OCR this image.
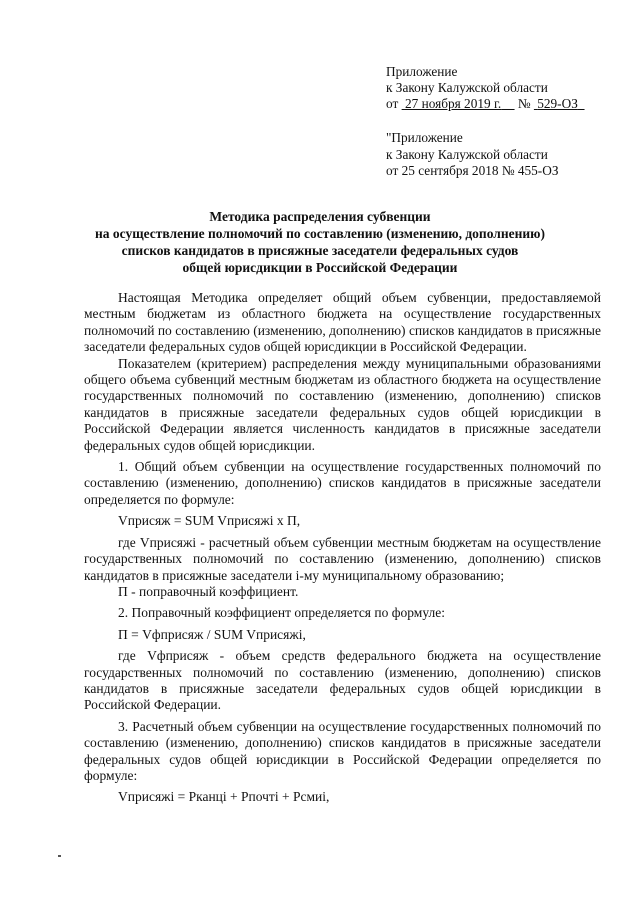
Приложение
к Закону Калужской области
от 27 ноября 2019 г. № 529-ОЗ
"Приложение
к Закону Калужской области
от 25 сентября 2018 № 455-ОЗ
Методика распределения субвенции
на осуществление полномочий по составлению (изменению, дополнению)
списков кандидатов в присяжные заседатели федеральных судов
общей юрисдикции в Российской Федерации

Настоящая Методика определяет общий объем субвенции, предоставляемой местным бюджетам из областного бюджета на осуществление государственных полномочий по составлению (изменению, дополнению) списков кандидатов в присяжные заседатели федеральных судов общей юрисдикции в Российской Федерации.

Показателем (критерием) распределения между муниципальными образованиями общего объема субвенций местным бюджетам из областного бюджета на осуществление государственных полномочий по составлению (изменению, дополнению) списков кандидатов в присяжные заседатели федеральных судов общей юрисдикции в Российской Федерации является численность кандидатов в присяжные заседатели федеральных судов общей юрисдикции.

1. Общий объем субвенции на осуществление государственных полномочий по составлению (изменению, дополнению) списков кандидатов в присяжные заседатели определяется по формуле:

Vприсяж = SUM Vприсяжi x П,

где Vприсяжi - расчетный объем субвенции местным бюджетам на осуществление государственных полномочий по составлению (изменению, дополнению) списков кандидатов в присяжные заседатели i-му муниципальному образованию;

П - поправочный коэффициент.

2. Поправочный коэффициент определяется по формуле:

П = Vфприсяж / SUM Vприсяжi,

где Vфприсяж - объем средств федерального бюджета на осуществление государственных полномочий по составлению (изменению, дополнению) списков кандидатов в присяжные заседатели федеральных судов общей юрисдикции в Российской Федерации.

3. Расчетный объем субвенции на осуществление государственных полномочий по составлению (изменению, дополнению) списков кандидатов в присяжные заседатели федеральных судов общей юрисдикции в Российской Федерации определяется по формуле:

Vприсяжi = Pканцi + Pпочтi + Pсмиi,
